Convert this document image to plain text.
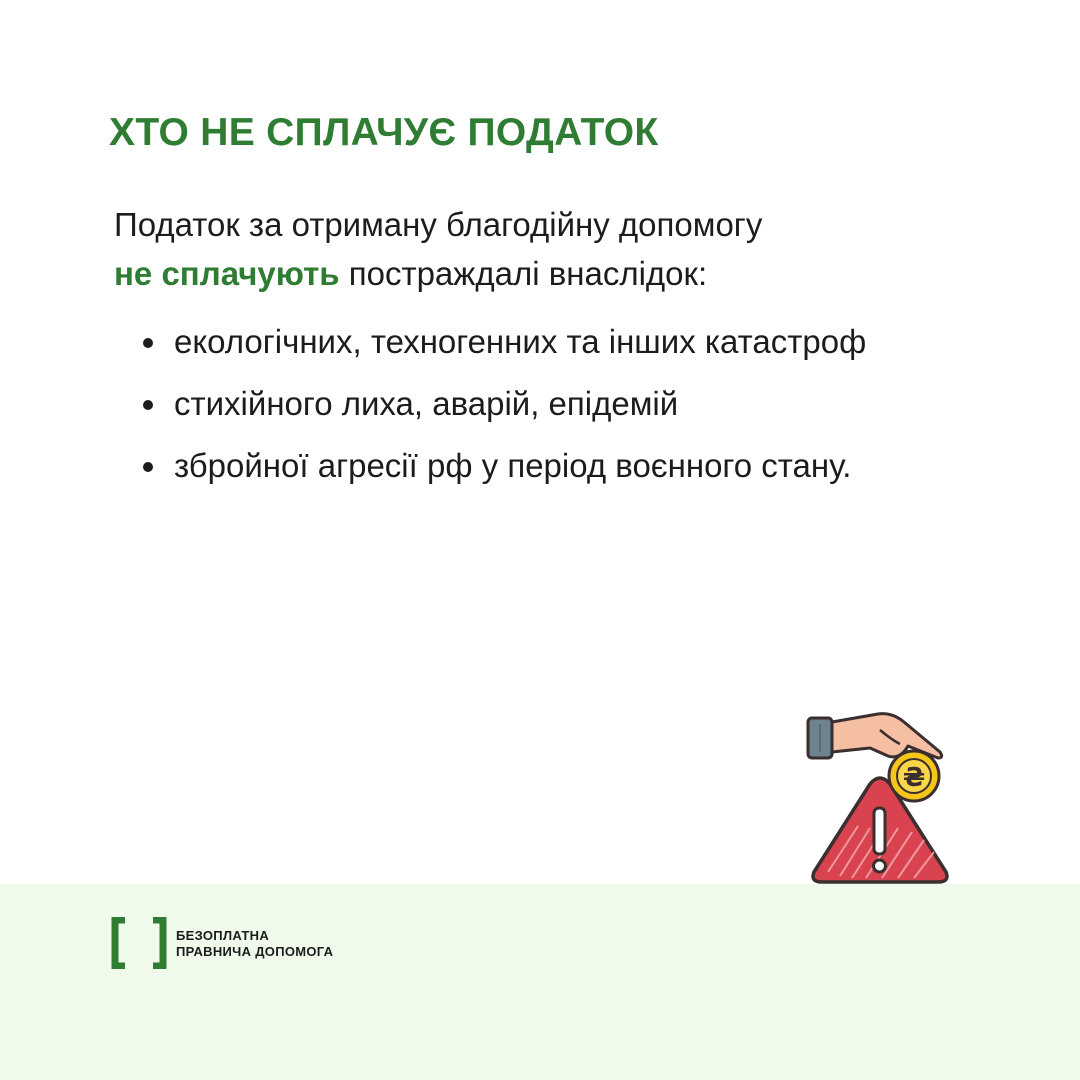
ХТО НЕ СПЛАЧУЄ ПОДАТОК

Податок за отриману благодійну допомогу
не сплачують постраждалі внаслідок:

екологічних, техногенних та інших катастроф
стихійного лиха, аварій, епідемій
збройної агресії рф у період воєнного стану.
₴
БЕЗОПЛАТНА
ПРАВНИЧА ДОПОМОГА
